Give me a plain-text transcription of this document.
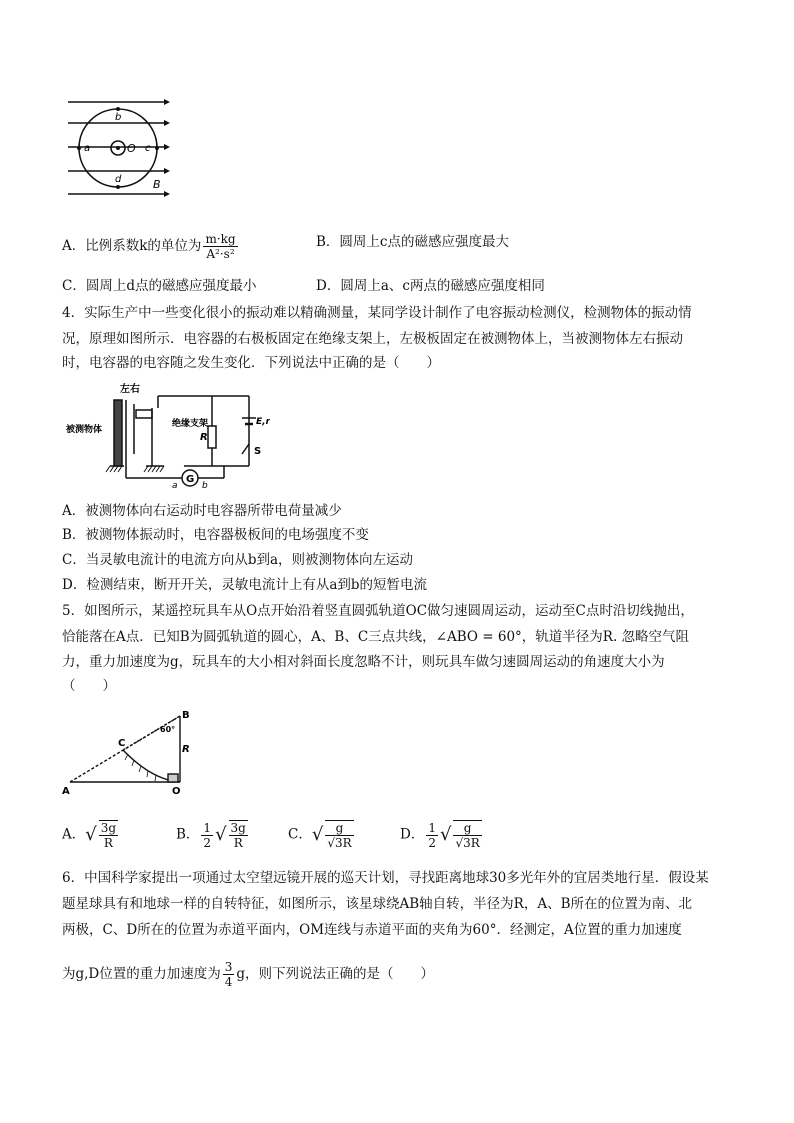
b
d
a	c
O
B
A．比例系数k的单位为 $\frac{m\cdot kg}{\text{A²·s²}}$	B．圆周上c点的磁感应强度最大
C．圆周上d点的磁感应强度最小	D．圆周上a、c两点的磁感应强度相同
4．实际生产中一些变化很小的振动难以精确测量，某同学设计制作了电容振动检测仪，检测物体的振动情
况，原理如图所示．电容器的右极板固定在绝缘支架上，左极板固定在被测物体上，当被测物体左右振动
时，电容器的电容随之发生变化．下列说法中正确的是（　　）
左右
被测物体
绝缘支架
R
E,r
S
G
a	b
A．被测物体向右运动时电容器所带电荷量减少
B．被测物体振动时，电容器极板间的电场强度不变
C．当灵敏电流计的电流方向从b到a，则被测物体向左运动
D．检测结束，断开开关，灵敏电流计上有从a到b的短暂电流
5．如图所示，某遥控玩具车从O点开始沿着竖直圆弧轨道OC做匀速圆周运动，运动至C点时沿切线抛出，
恰能落在A点．已知B为圆弧轨道的圆心，A、B、C三点共线，∠ABO = 60°，轨道半径为R. 忽略空气阻
力，重力加速度为g，玩具车的大小相对斜面长度忽略不计，则玩具车做匀速圆周运动的角速度大小为
（　　）
A
B
C
O
R
60°
A．√ $\frac{3g}{R}$	B． $\frac{1}{2}$ √ $\frac{3g}{R}$	C．√ $\frac{g}{√3R}$	D． $\frac{1}{2}$ √ $\frac{g}{√3R}$
6．中国科学家提出一项通过太空望远镜开展的巡天计划，寻找距离地球30多光年外的宜居类地行星．假设某
题星球具有和地球一样的自转特征，如图所示，该星球绕AB轴自转，半径为R，A、B所在的位置为南、北
两极，C、D所在的位置为赤道平面内，OM连线与赤道平面的夹角为60°．经测定，A位置的重力加速度
为g,D位置的重力加速度为 $\frac{3}{4}$ g，则下列说法正确的是（　　）
